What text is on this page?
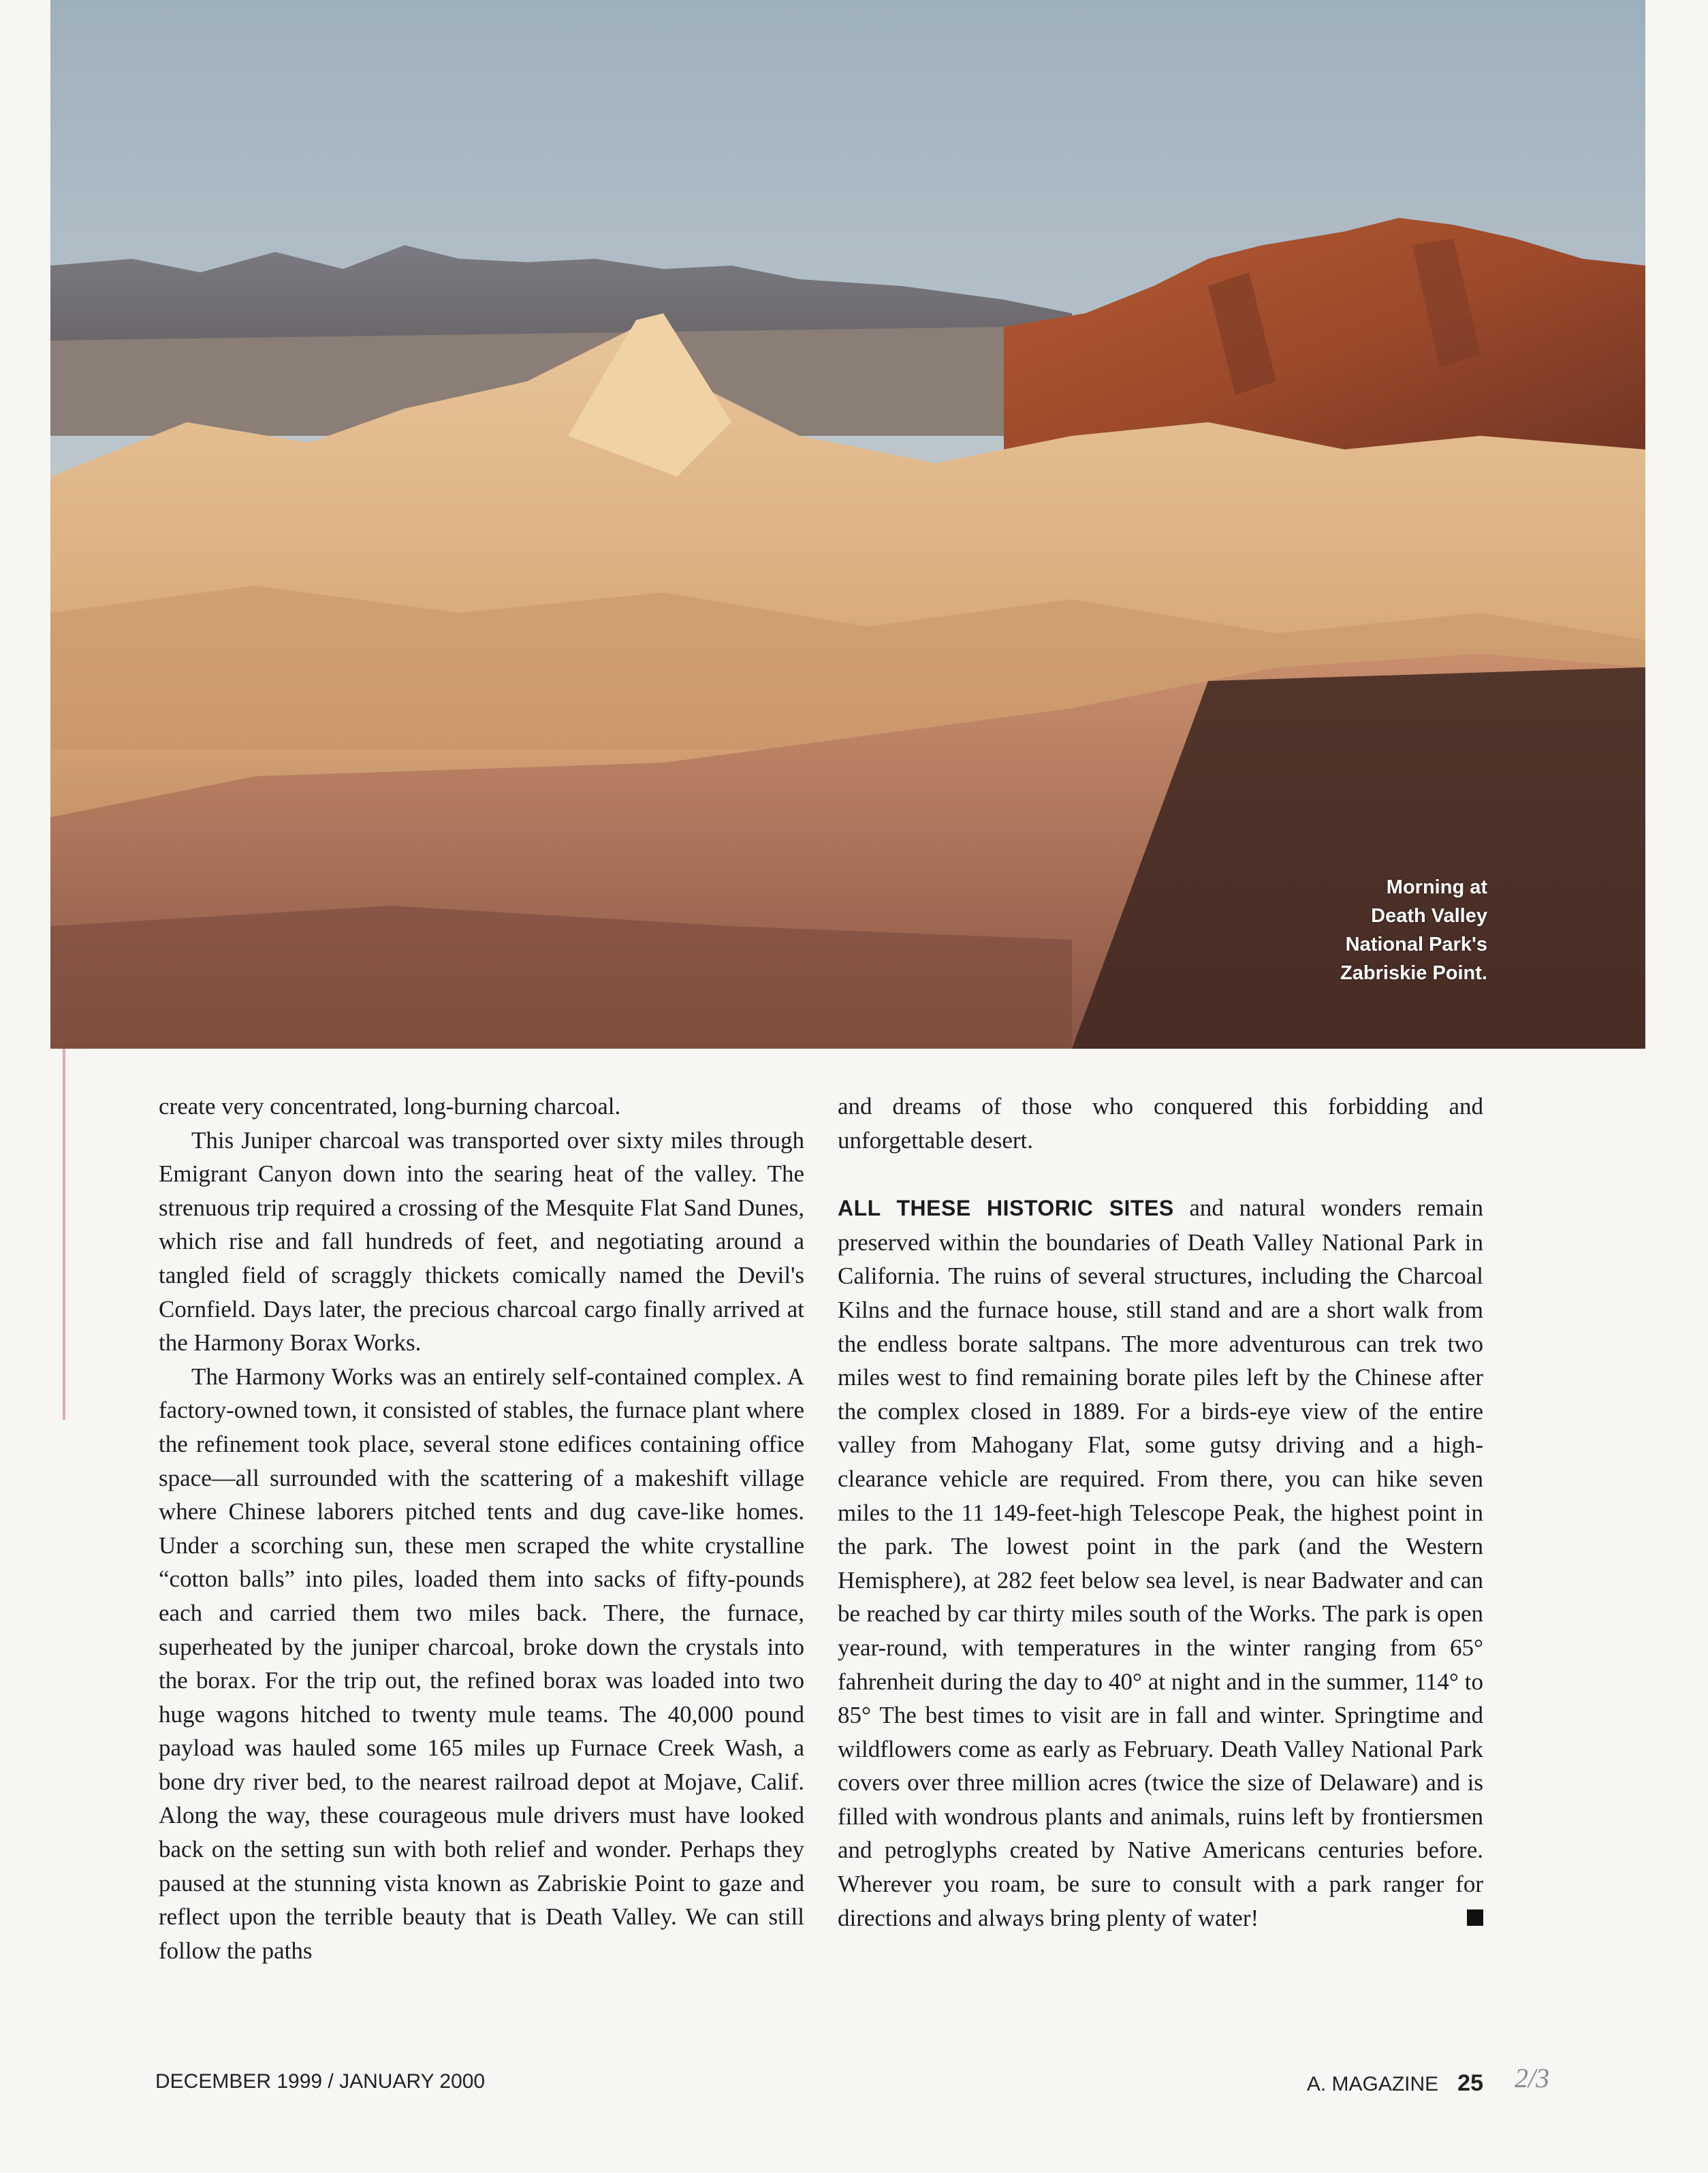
Morning at
Death Valley
National Park's
Zabriskie Point.

create very concentrated, long-burning charcoal.

This Juniper charcoal was transported over sixty miles through Emigrant Canyon down into the searing heat of the valley. The strenuous trip required a crossing of the Mesquite Flat Sand Dunes, which rise and fall hundreds of feet, and negotiating around a tangled field of scraggly thickets comically named the Devil's Cornfield. Days later, the precious charcoal cargo finally arrived at the Harmony Borax Works.

The Harmony Works was an entirely self-contained complex. A factory-owned town, it consisted of stables, the furnace plant where the refinement took place, several stone edifices containing office space—all surrounded with the scattering of a makeshift village where Chinese laborers pitched tents and dug cave-like homes. Under a scorching sun, these men scraped the white crystalline “cotton balls” into piles, loaded them into sacks of fifty-pounds each and carried them two miles back. There, the furnace, superheated by the juniper charcoal, broke down the crystals into the borax. For the trip out, the refined borax was loaded into two huge wagons hitched to twenty mule teams. The 40,000 pound payload was hauled some 165 miles up Furnace Creek Wash, a bone dry river bed, to the nearest railroad depot at Mojave, Calif. Along the way, these courageous mule drivers must have looked back on the setting sun with both relief and wonder. Perhaps they paused at the stunning vista known as Zabriskie Point to gaze and reflect upon the terrible beauty that is Death Valley. We can still follow the paths

and dreams of those who conquered this forbidding and unforgettable desert.

ALL THESE HISTORIC SITES and natural wonders remain preserved within the boundaries of Death Valley National Park in California. The ruins of several structures, including the Charcoal Kilns and the furnace house, still stand and are a short walk from the endless borate saltpans. The more adventurous can trek two miles west to find remaining borate piles left by the Chinese after the complex closed in 1889. For a birds-eye view of the entire valley from Mahogany Flat, some gutsy driving and a high-clearance vehicle are required. From there, you can hike seven miles to the 11 149-feet-high Telescope Peak, the highest point in the park. The lowest point in the park (and the Western Hemisphere), at 282 feet below sea level, is near Badwater and can be reached by car thirty miles south of the Works. The park is open year-round, with temperatures in the winter ranging from 65° fahrenheit during the day to 40° at night and in the summer, 114° to 85° The best times to visit are in fall and winter. Springtime and wildflowers come as early as February. Death Valley National Park covers over three million acres (twice the size of Delaware) and is filled with wondrous plants and animals, ruins left by frontiersmen and petroglyphs created by Native Americans centuries before. Wherever you roam, be sure to consult with a park ranger for directions and always bring plenty of water!

DECEMBER 1999 / JANUARY 2000	A. MAGAZINE 25 2/3
